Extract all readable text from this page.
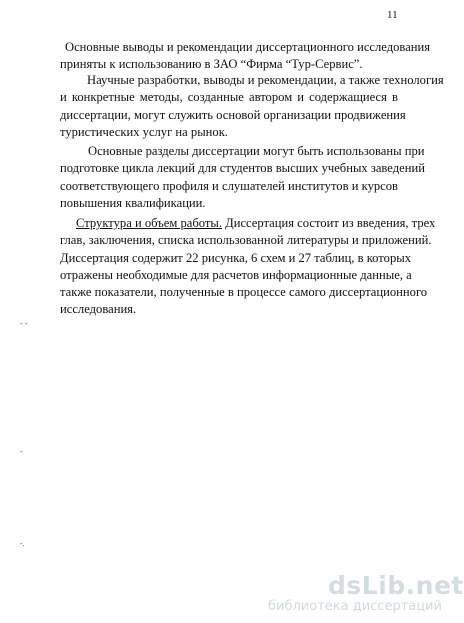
11
Основные выводы и рекомендации диссертационного исследования
приняты к использованию в ЗАО “Фирма “Тур-Сервис”.
Научные разработки, выводы и рекомендации, а также технология
и конкретные методы, созданные автором и содержащиеся в
диссертации, могут служить основой организации продвижения
туристических услуг на рынок.
Основные разделы диссертации могут быть использованы при
подготовке цикла лекций для студентов высших учебных заведений
соответствующего профиля и слушателей институтов и курсов
повышения квалификации.
Структура и объем работы. Диссертация состоит из введения, трех
глав, заключения, списка использованной литературы и приложений.
Диссертация содержит 22 рисунка, 6 схем и 27 таблиц, в которых
отражены необходимые для расчетов информационные данные, а
также показатели, полученные в процессе самого диссертационного
исследования.
- -
-
-.
dsLib.net
библиотека диссертаций
